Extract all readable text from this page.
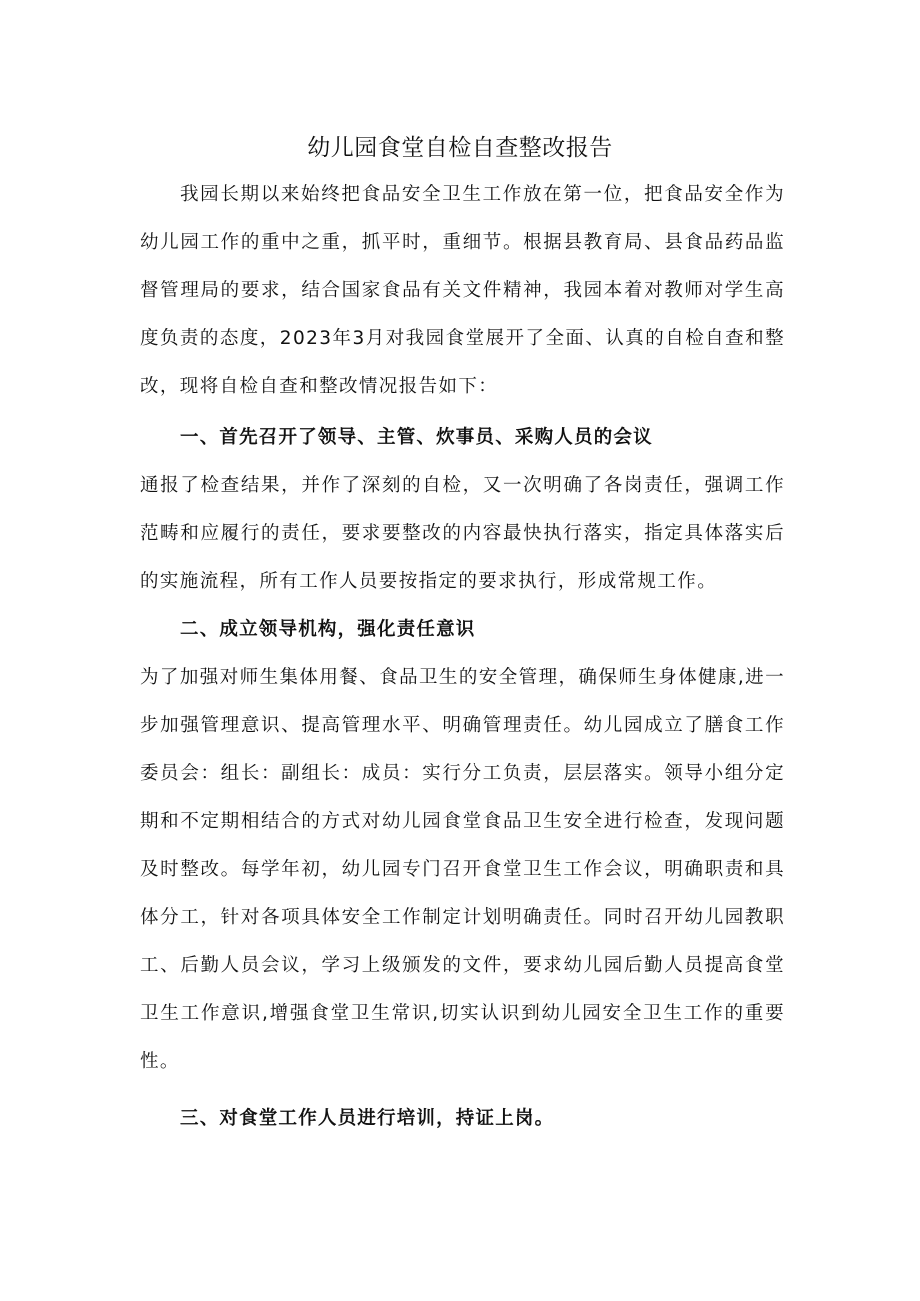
幼儿园食堂自检自查整改报告

我园长期以来始终把食品安全卫生工作放在第一位，把食品安全作为幼儿园工作的重中之重，抓平时，重细节。根据县教育局、县食品药品监督管理局的要求，结合国家食品有关文件精神，我园本着对教师对学生高度负责的态度，2023年3月对我园食堂展开了全面、认真的自检自查和整改，现将自检自查和整改情况报告如下：

一、首先召开了领导、主管、炊事员、采购人员的会议

通报了检查结果，并作了深刻的自检，又一次明确了各岗责任，强调工作范畴和应履行的责任，要求要整改的内容最快执行落实，指定具体落实后的实施流程，所有工作人员要按指定的要求执行，形成常规工作。

二、成立领导机构，强化责任意识

为了加强对师生集体用餐、食品卫生的安全管理，确保师生身体健康,进一步加强管理意识、提高管理水平、明确管理责任。幼儿园成立了膳食工作委员会：组长：副组长：成员：实行分工负责，层层落实。领导小组分定期和不定期相结合的方式对幼儿园食堂食品卫生安全进行检查，发现问题及时整改。每学年初，幼儿园专门召开食堂卫生工作会议，明确职责和具体分工，针对各项具体安全工作制定计划明确责任。同时召开幼儿园教职工、后勤人员会议，学习上级颁发的文件，要求幼儿园后勤人员提高食堂卫生工作意识,增强食堂卫生常识,切实认识到幼儿园安全卫生工作的重要性。

三、对食堂工作人员进行培训，持证上岗。
